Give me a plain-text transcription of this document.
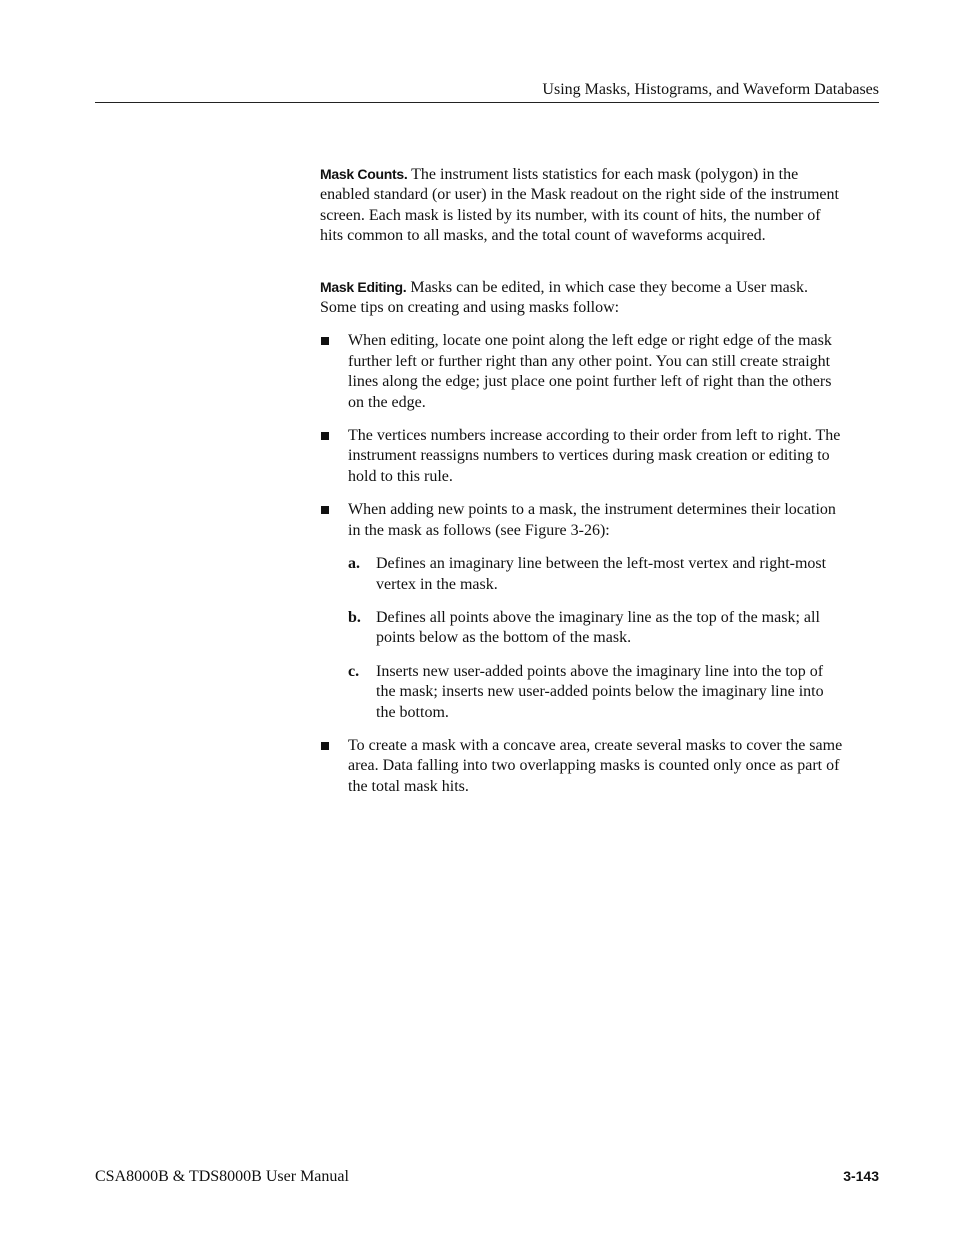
Using Masks, Histograms, and Waveform Databases

Mask Counts. The instrument lists statistics for each mask (polygon) in the

enabled standard (or user) in the Mask readout on the right side of the instrument

screen. Each mask is listed by its number, with its count of hits, the number of

hits common to all masks, and the total count of waveforms acquired.

Mask Editing. Masks can be edited, in which case they become a User mask.

Some tips on creating and using masks follow:

When editing, locate one point along the left edge or right edge of the mask

further left or further right than any other point. You can still create straight

lines along the edge; just place one point further left of right than the others

on the edge.

The vertices numbers increase according to their order from left to right. The

instrument reassigns numbers to vertices during mask creation or editing to

hold to this rule.

When adding new points to a mask, the instrument determines their location

in the mask as follows (see Figure 3-26):

a. Defines an imaginary line between the left-most vertex and right-most

vertex in the mask.

b. Defines all points above the imaginary line as the top of the mask; all

points below as the bottom of the mask.

c. Inserts new user-added points above the imaginary line into the top of

the mask; inserts new user-added points below the imaginary line into

the bottom.

To create a mask with a concave area, create several masks to cover the same

area. Data falling into two overlapping masks is counted only once as part of

the total mask hits.

CSA8000B & TDS8000B User Manual	3-143
